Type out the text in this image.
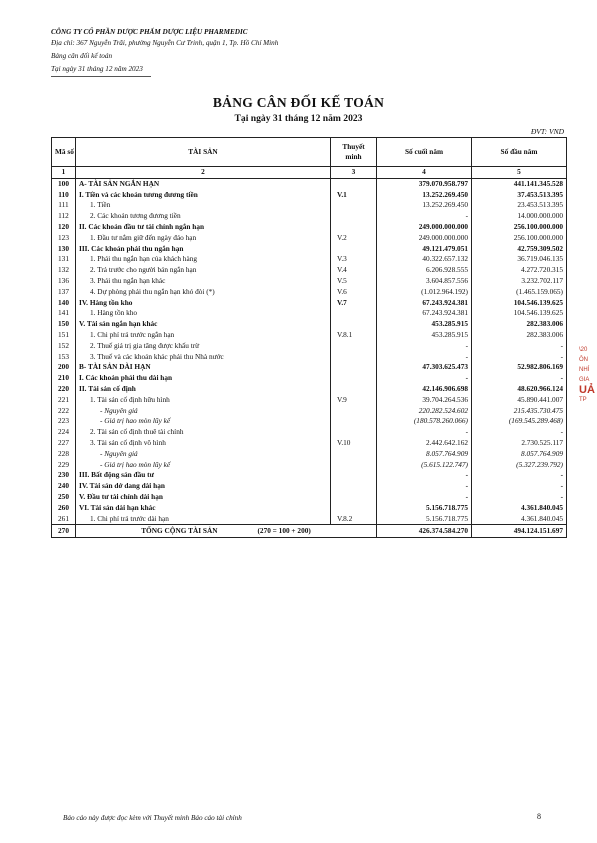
CÔNG TY CỔ PHẦN DƯỢC PHẨM DƯỢC LIỆU PHARMEDIC
Địa chỉ: 367 Nguyễn Trãi, phường Nguyễn Cư Trinh, quận 1, Tp. Hồ Chí Minh
Bảng cân đối kế toán
Tại ngày 31 tháng 12 năm 2023
BẢNG CÂN ĐỐI KẾ TOÁN
Tại ngày 31 tháng 12 năm 2023
ĐVT: VND
Mã số	TÀI SẢN	Thuyết minh	Số cuối năm	Số đầu năm
1	2	3	4	5
100	A- TÀI SẢN NGẮN HẠN		379.070.958.797	441.141.345.528
110	I. Tiền và các khoản tương đương tiền	V.1	13.252.269.450	37.453.513.395
111	1. Tiền		13.252.269.450	23.453.513.395
112	2. Các khoản tương đương tiền		-	14.000.000.000
120	II. Các khoản đầu tư tài chính ngắn hạn		249.000.000.000	256.100.000.000
123	1. Đầu tư nắm giữ đến ngày đáo hạn	V.2	249.000.000.000	256.100.000.000
130	III. Các khoản phải thu ngắn hạn		49.121.479.051	42.759.309.502
131	1. Phải thu ngắn hạn của khách hàng	V.3	40.322.657.132	36.719.046.135
132	2. Trả trước cho người bán ngắn hạn	V.4	6.206.928.555	4.272.720.315
136	3. Phải thu ngắn hạn khác	V.5	3.604.857.556	3.232.702.117
137	4. Dự phòng phải thu ngắn hạn khó đòi (*)	V.6	(1.012.964.192)	(1.465.159.065)
140	IV. Hàng tồn kho	V.7	67.243.924.381	104.546.139.625
141	1. Hàng tồn kho		67.243.924.381	104.546.139.625
150	V. Tài sản ngắn hạn khác		453.285.915	282.383.006
151	1. Chi phí trả trước ngắn hạn	V.8.1	453.285.915	282.383.006
152	2. Thuế giá trị gia tăng được khấu trừ		-	-
153	3. Thuế và các khoản khác phải thu Nhà nước		-	-
200	B- TÀI SẢN DÀI HẠN		47.303.625.473	52.982.806.169
210	I. Các khoản phải thu dài hạn		-	-
220	II. Tài sản cố định		42.146.906.698	48.620.966.124
221	1. Tài sản cố định hữu hình	V.9	39.704.264.536	45.890.441.007
222	- Nguyên giá		220.282.524.602	215.435.730.475
223	- Giá trị hao mòn lũy kế		(180.578.260.066)	(169.545.289.468)
224	2. Tài sản cố định thuê tài chính		-	-
227	3. Tài sản cố định vô hình	V.10	2.442.642.162	2.730.525.117
228	- Nguyên giá		8.057.764.909	8.057.764.909
229	- Giá trị hao mòn lũy kế		(5.615.122.747)	(5.327.239.792)
230	III. Bất động sản đầu tư		-	-
240	IV. Tài sản dở dang dài hạn		-	-
250	V. Đầu tư tài chính dài hạn		-	-
260	VI. Tài sản dài hạn khác		5.156.718.775	4.361.840.045
261	1. Chi phí trả trước dài hạn	V.8.2	5.156.718.775	4.361.840.045
270	TỔNG CỘNG TÀI SẢN (270 = 100 + 200)		426.374.584.270	494.124.151.697
Báo cáo này được đọc kèm với Thuyết minh Báo cáo tài chính	8
\20
ÔN
NHÍ
GIA
UẢ
TP
